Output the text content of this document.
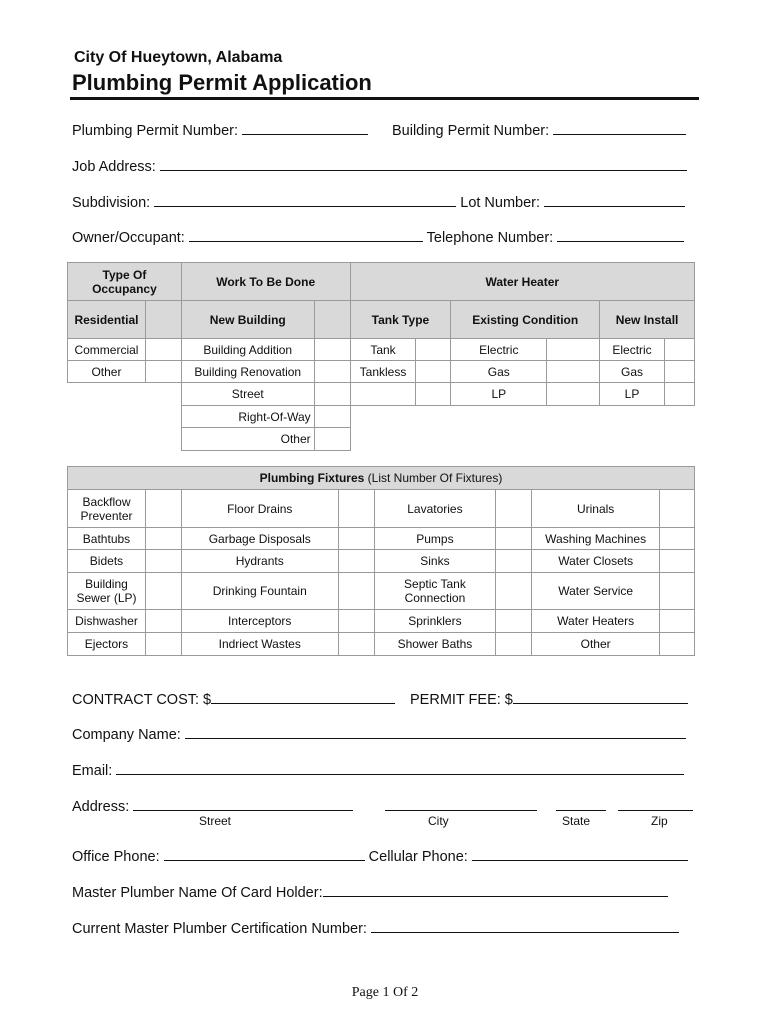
City Of Hueytown, Alabama
Plumbing Permit Application
Plumbing Permit Number:	Building Permit Number:
Job Address:
Subdivision:	Lot Number:
Owner/Occupant:	Telephone Number:
Type Of Occupancy		Work To Be Done		Water Heater					
Residential		New Building		Tank Type		Existing Condition		New Install	
Commercial		Building Addition		Tank		Electric		Electric	
Other		Building Renovation		Tankless		Gas		Gas	
		Street				LP		LP	
		Right-Of-Way							
		Other							
Plumbing Fixtures (List Number Of Fixtures)							
Backflow Preventer		Floor Drains		Lavatories		Urinals	
Bathtubs		Garbage Disposals		Pumps		Washing Machines	
Bidets		Hydrants		Sinks		Water Closets	
Building Sewer (LP)		Drinking Fountain		Septic Tank Connection		Water Service	
Dishwasher		Interceptors		Sprinklers		Water Heaters	
Ejectors		Indriect Wastes		Shower Baths		Other	
CONTRACT COST: $	PERMIT FEE: $
Company Name:
Email:
Address:
Street	City	State	Zip
Office Phone:	Cellular Phone:
Master Plumber Name Of Card Holder:
Current Master Plumber Certification Number:
Page 1 Of 2
